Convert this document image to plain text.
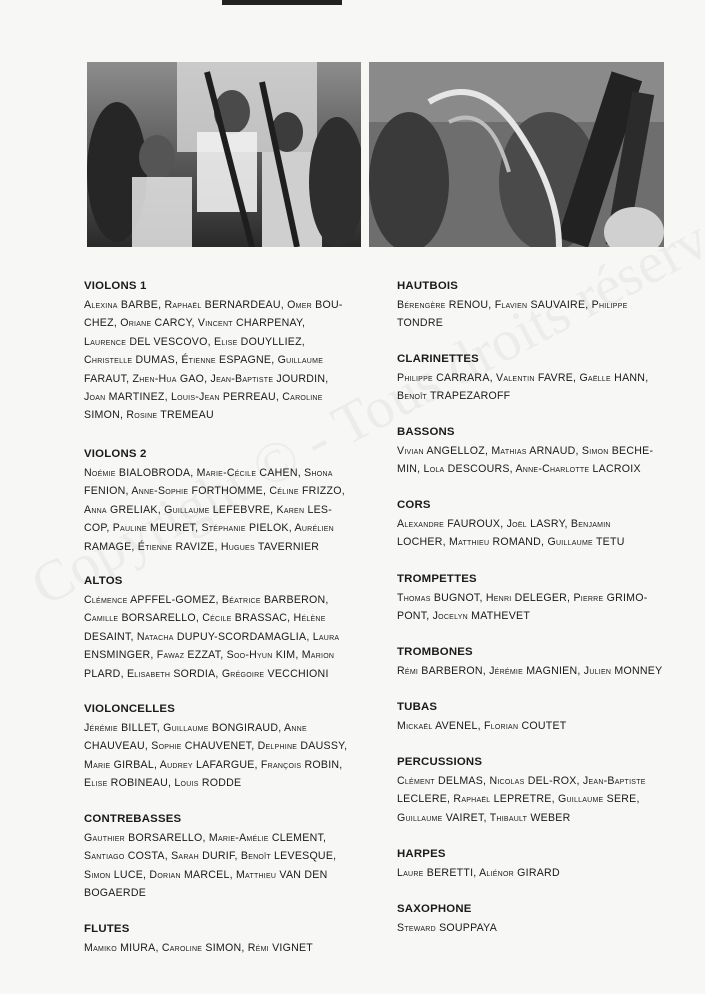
VIOLONS 1
Alexina BARBE, Raphaël BERNARDEAU, Omer BOU-
CHEZ, Oriane CARCY, Vincent CHARPENAY,
Laurence DEL VESCOVO, Elise DOUYLLIEZ,
Christelle DUMAS, Étienne ESPAGNE, Guillaume
FARAUT, Zhen-Hua GAO, Jean-Baptiste JOURDIN,
Joan MARTINEZ, Louis-Jean PERREAU, Caroline
SIMON, Rosine TREMEAU
VIOLONS 2
Noémie BIALOBRODA, Marie-Cécile CAHEN, Shona
FENION, Anne-Sophie FORTHOMME, Céline FRIZZO,
Anna GRELIAK, Guillaume LEFEBVRE, Karen LES-
COP, Pauline MEURET, Stéphanie PIELOK, Aurélien
RAMAGE, Étienne RAVIZE, Hugues TAVERNIER
ALTOS
Clémence APFFEL-GOMEZ, Béatrice BARBERON,
Camille BORSARELLO, Cécile BRASSAC, Hélène
DESAINT, Natacha DUPUY-SCORDAMAGLIA, Laura
ENSMINGER, Fawaz EZZAT, Soo-Hyun KIM, Marion
PLARD, Elisabeth SORDIA, Grégoire VECCHIONI
VIOLONCELLES
Jérémie BILLET, Guillaume BONGIRAUD, Anne
CHAUVEAU, Sophie CHAUVENET, Delphine DAUSSY,
Marie GIRBAL, Audrey LAFARGUE, François ROBIN,
Elise ROBINEAU, Louis RODDE
CONTREBASSES
Gauthier BORSARELLO, Marie-Amélie CLEMENT,
Santiago COSTA, Sarah DURIF, Benoît LEVESQUE,
Simon LUCE, Dorian MARCEL, Matthieu VAN DEN
BOGAERDE
FLUTES
Mamiko MIURA, Caroline SIMON, Rémi VIGNET
HAUTBOIS
Bérengère RENOU, Flavien SAUVAIRE, Philippe
TONDRE
CLARINETTES
Philippe CARRARA, Valentin FAVRE, Gaëlle HANN,
Benoît TRAPEZAROFF
BASSONS
Vivian ANGELLOZ, Mathias ARNAUD, Simon BECHE-
MIN, Lola DESCOURS, Anne-Charlotte LACROIX
CORS
Alexandre FAUROUX, Joël LASRY, Benjamin
LOCHER, Matthieu ROMAND, Guillaume TETU
TROMPETTES
Thomas BUGNOT, Henri DELEGER, Pierre GRIMO-
PONT, Jocelyn MATHEVET
TROMBONES
Rémi BARBERON, Jérémie MAGNIEN, Julien MONNEY
TUBAS
Mickaël AVENEL, Florian COUTET
PERCUSSIONS
Clément DELMAS, Nicolas DEL-ROX, Jean-Baptiste
LECLERE, Raphaël LEPRETRE, Guillaume SERE,
Guillaume VAIRET, Thibault WEBER
HARPES
Laure BERETTI, Aliénor GIRARD
SAXOPHONE
Steward SOUPPAYA
